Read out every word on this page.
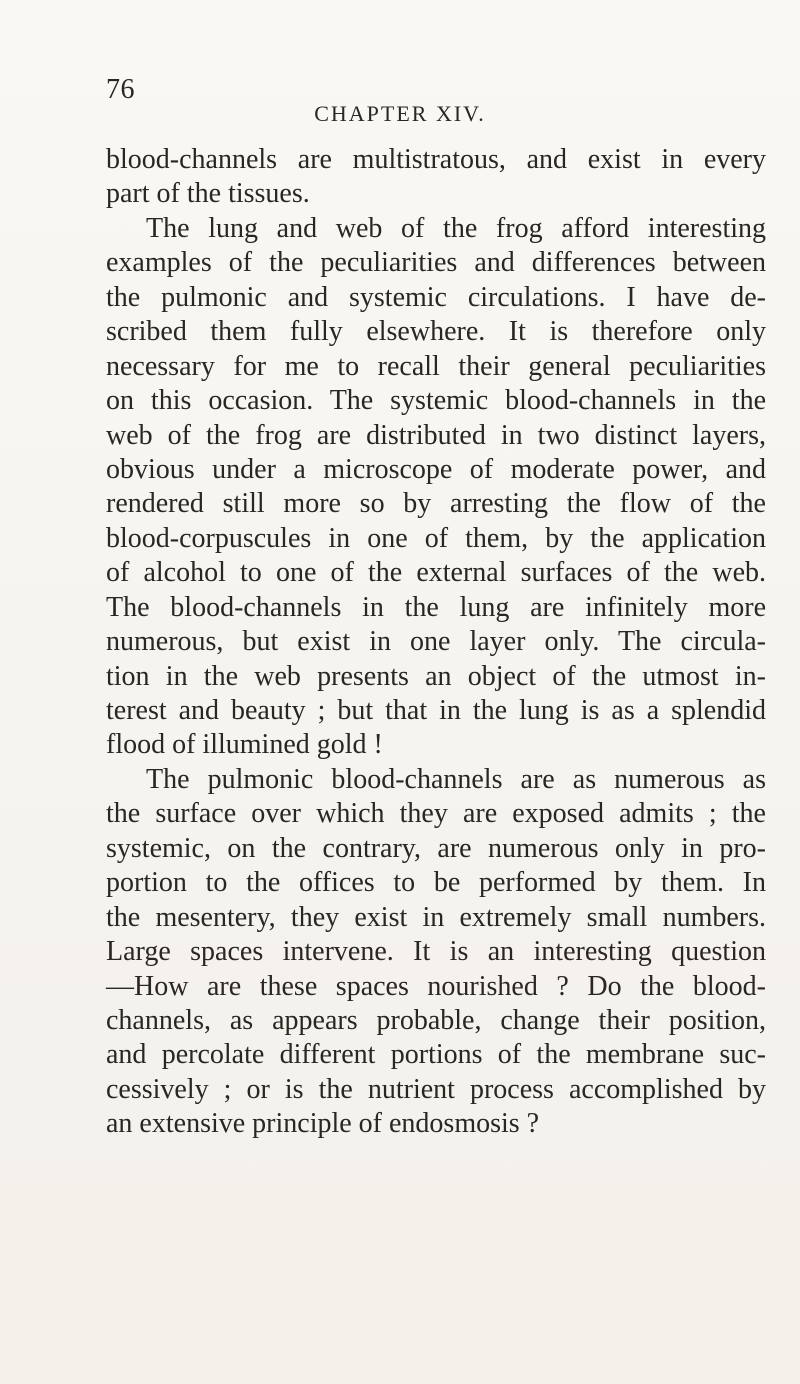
76
CHAPTER XIV.
blood-channels are multistratous, and exist in every
part of the tissues.
The lung and web of the frog afford interesting
examples of the peculiarities and differences between
the pulmonic and systemic circulations. I have de-
scribed them fully elsewhere. It is therefore only
necessary for me to recall their general peculiarities
on this occasion. The systemic blood-channels in the
web of the frog are distributed in two distinct layers,
obvious under a microscope of moderate power, and
rendered still more so by arresting the flow of the
blood-corpuscules in one of them, by the application
of alcohol to one of the external surfaces of the web.
The blood-channels in the lung are infinitely more
numerous, but exist in one layer only. The circula-
tion in the web presents an object of the utmost in-
terest and beauty ; but that in the lung is as a splendid
flood of illumined gold !
The pulmonic blood-channels are as numerous as
the surface over which they are exposed admits ; the
systemic, on the contrary, are numerous only in pro-
portion to the offices to be performed by them. In
the mesentery, they exist in extremely small numbers.
Large spaces intervene. It is an interesting question
—How are these spaces nourished ? Do the blood-
channels, as appears probable, change their position,
and percolate different portions of the membrane suc-
cessively ; or is the nutrient process accomplished by
an extensive principle of endosmosis ?
